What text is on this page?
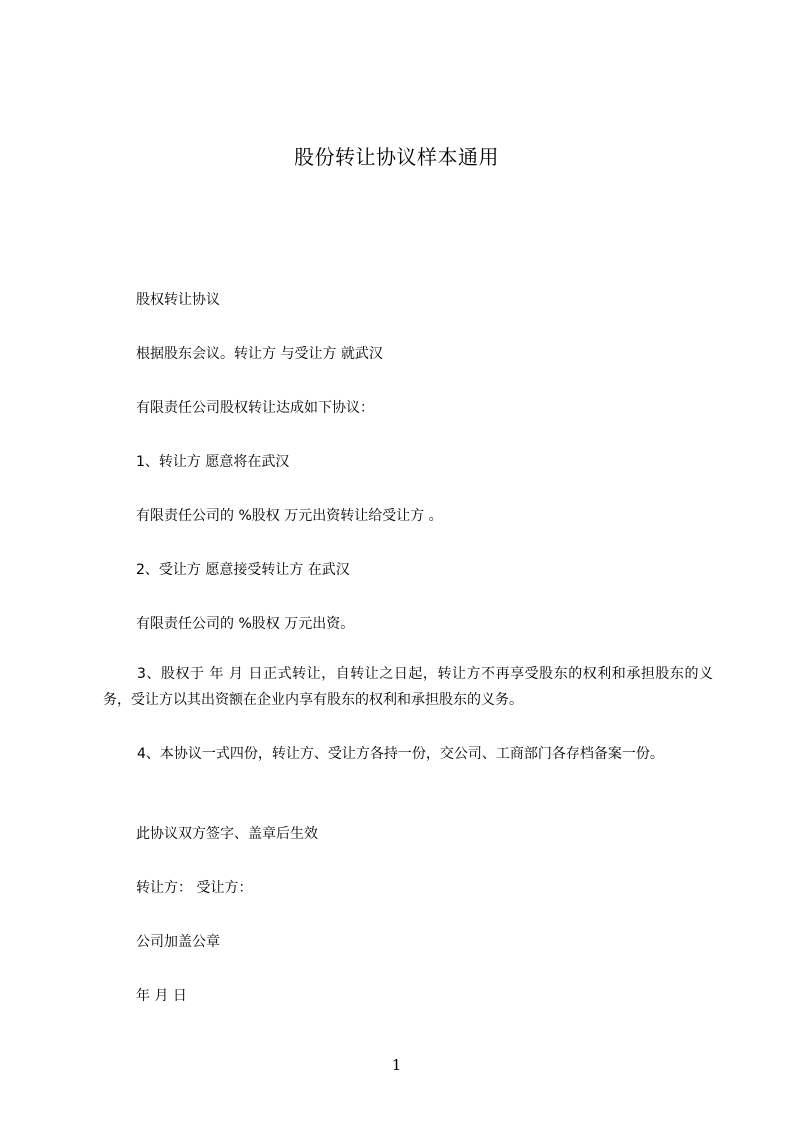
股份转让协议样本通用
股权转让协议
根据股东会议。转让方 与受让方 就武汉
有限责任公司股权转让达成如下协议：
1、转让方 愿意将在武汉
有限责任公司的 %股权 万元出资转让给受让方 。
2、受让方 愿意接受转让方 在武汉
有限责任公司的 %股权 万元出资。
3、股权于 年 月 日正式转让，自转让之日起，转让方不再享受股东的权利和承担股东的义务，受让方以其出资额在企业内享有股东的权利和承担股东的义务。
4、本协议一式四份，转让方、受让方各持一份，交公司、工商部门各存档备案一份。
此协议双方签字、盖章后生效
转让方： 受让方：
公司加盖公章
年 月 日
1
